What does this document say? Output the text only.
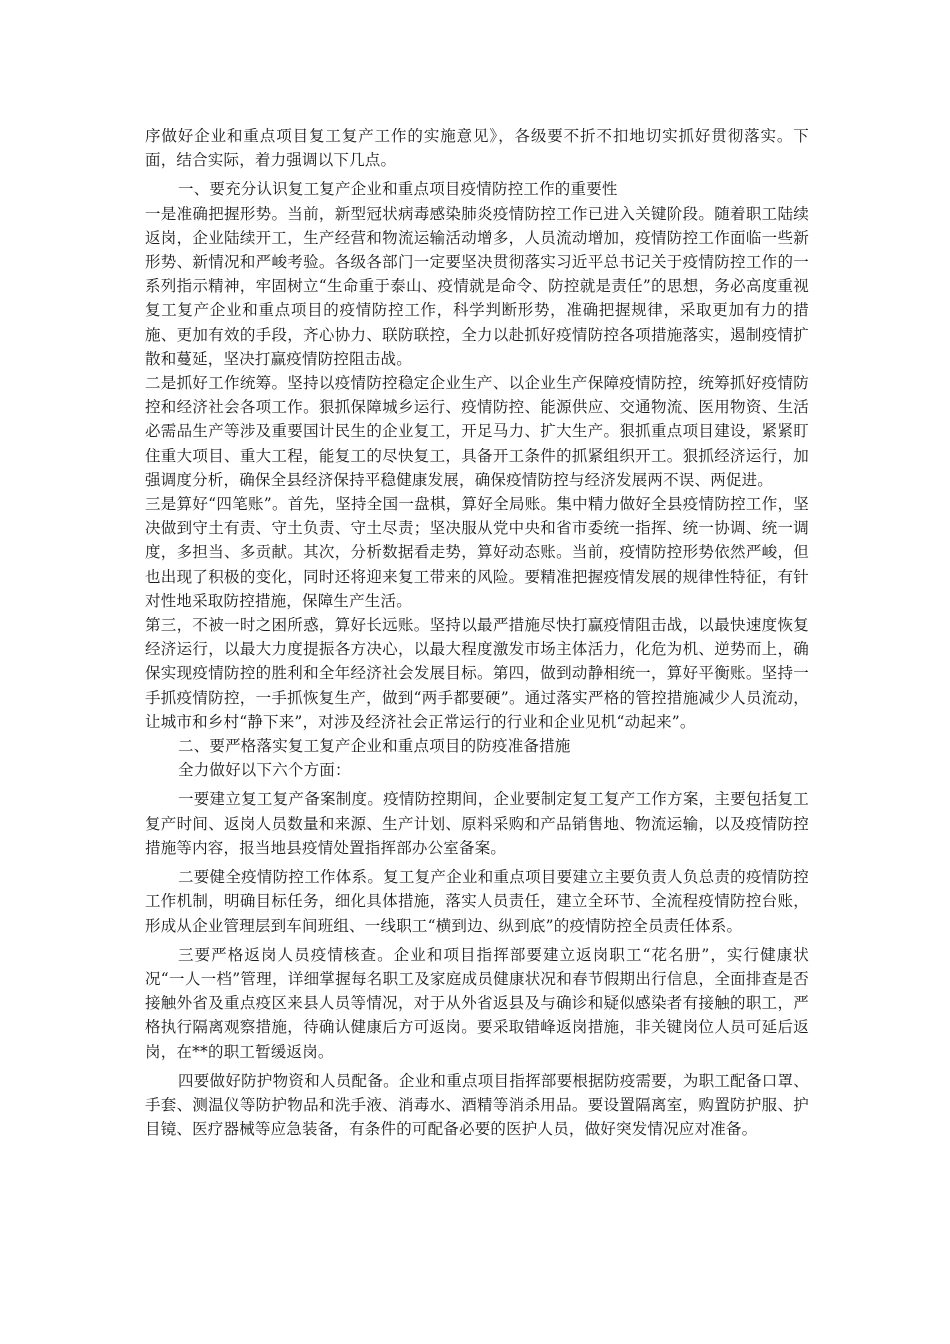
序做好企业和重点项目复工复产工作的实施意见》，各级要不折不扣地切实抓好贯彻落实。下面，结合实际，着力强调以下几点。

一、要充分认识复工复产企业和重点项目疫情防控工作的重要性

一是准确把握形势。当前，新型冠状病毒感染肺炎疫情防控工作已进入关键阶段。随着职工陆续返岗，企业陆续开工，生产经营和物流运输活动增多，人员流动增加，疫情防控工作面临一些新形势、新情况和严峻考验。各级各部门一定要坚决贯彻落实习近平总书记关于疫情防控工作的一系列指示精神，牢固树立“生命重于泰山、疫情就是命令、防控就是责任”的思想，务必高度重视复工复产企业和重点项目的疫情防控工作，科学判断形势，准确把握规律，采取更加有力的措施、更加有效的手段，齐心协力、联防联控，全力以赴抓好疫情防控各项措施落实，遏制疫情扩散和蔓延，坚决打赢疫情防控阻击战。

二是抓好工作统筹。坚持以疫情防控稳定企业生产、以企业生产保障疫情防控，统筹抓好疫情防控和经济社会各项工作。狠抓保障城乡运行、疫情防控、能源供应、交通物流、医用物资、生活必需品生产等涉及重要国计民生的企业复工，开足马力、扩大生产。狠抓重点项目建设，紧紧盯住重大项目、重大工程，能复工的尽快复工，具备开工条件的抓紧组织开工。狠抓经济运行，加强调度分析，确保全县经济保持平稳健康发展，确保疫情防控与经济发展两不误、两促进。

三是算好“四笔账”。首先，坚持全国一盘棋，算好全局账。集中精力做好全县疫情防控工作，坚决做到守土有责、守土负责、守土尽责；坚决服从党中央和省市委统一指挥、统一协调、统一调度，多担当、多贡献。其次，分析数据看走势，算好动态账。当前，疫情防控形势依然严峻，但也出现了积极的变化，同时还将迎来复工带来的风险。要精准把握疫情发展的规律性特征，有针对性地采取防控措施，保障生产生活。

第三，不被一时之困所惑，算好长远账。坚持以最严措施尽快打赢疫情阻击战，以最快速度恢复经济运行，以最大力度提振各方决心，以最大程度激发市场主体活力，化危为机、逆势而上，确保实现疫情防控的胜利和全年经济社会发展目标。第四，做到动静相统一，算好平衡账。坚持一手抓疫情防控，一手抓恢复生产，做到“两手都要硬”。通过落实严格的管控措施减少人员流动，让城市和乡村“静下来”，对涉及经济社会正常运行的行业和企业见机“动起来”。

二、要严格落实复工复产企业和重点项目的防疫准备措施

全力做好以下六个方面：

一要建立复工复产备案制度。疫情防控期间，企业要制定复工复产工作方案，主要包括复工复产时间、返岗人员数量和来源、生产计划、原料采购和产品销售地、物流运输，以及疫情防控措施等内容，报当地县疫情处置指挥部办公室备案。

二要健全疫情防控工作体系。复工复产企业和重点项目要建立主要负责人负总责的疫情防控工作机制，明确目标任务，细化具体措施，落实人员责任，建立全环节、全流程疫情防控台账，形成从企业管理层到车间班组、一线职工“横到边、纵到底”的疫情防控全员责任体系。

三要严格返岗人员疫情核查。企业和项目指挥部要建立返岗职工“花名册”，实行健康状况“一人一档”管理，详细掌握每名职工及家庭成员健康状况和春节假期出行信息，全面排查是否接触外省及重点疫区来县人员等情况，对于从外省返县及与确诊和疑似感染者有接触的职工，严格执行隔离观察措施，待确认健康后方可返岗。要采取错峰返岗措施，非关键岗位人员可延后返岗，在**的职工暂缓返岗。

四要做好防护物资和人员配备。企业和重点项目指挥部要根据防疫需要，为职工配备口罩、手套、测温仪等防护物品和洗手液、消毒水、酒精等消杀用品。要设置隔离室，购置防护服、护目镜、医疗器械等应急装备，有条件的可配备必要的医护人员，做好突发情况应对准备。
